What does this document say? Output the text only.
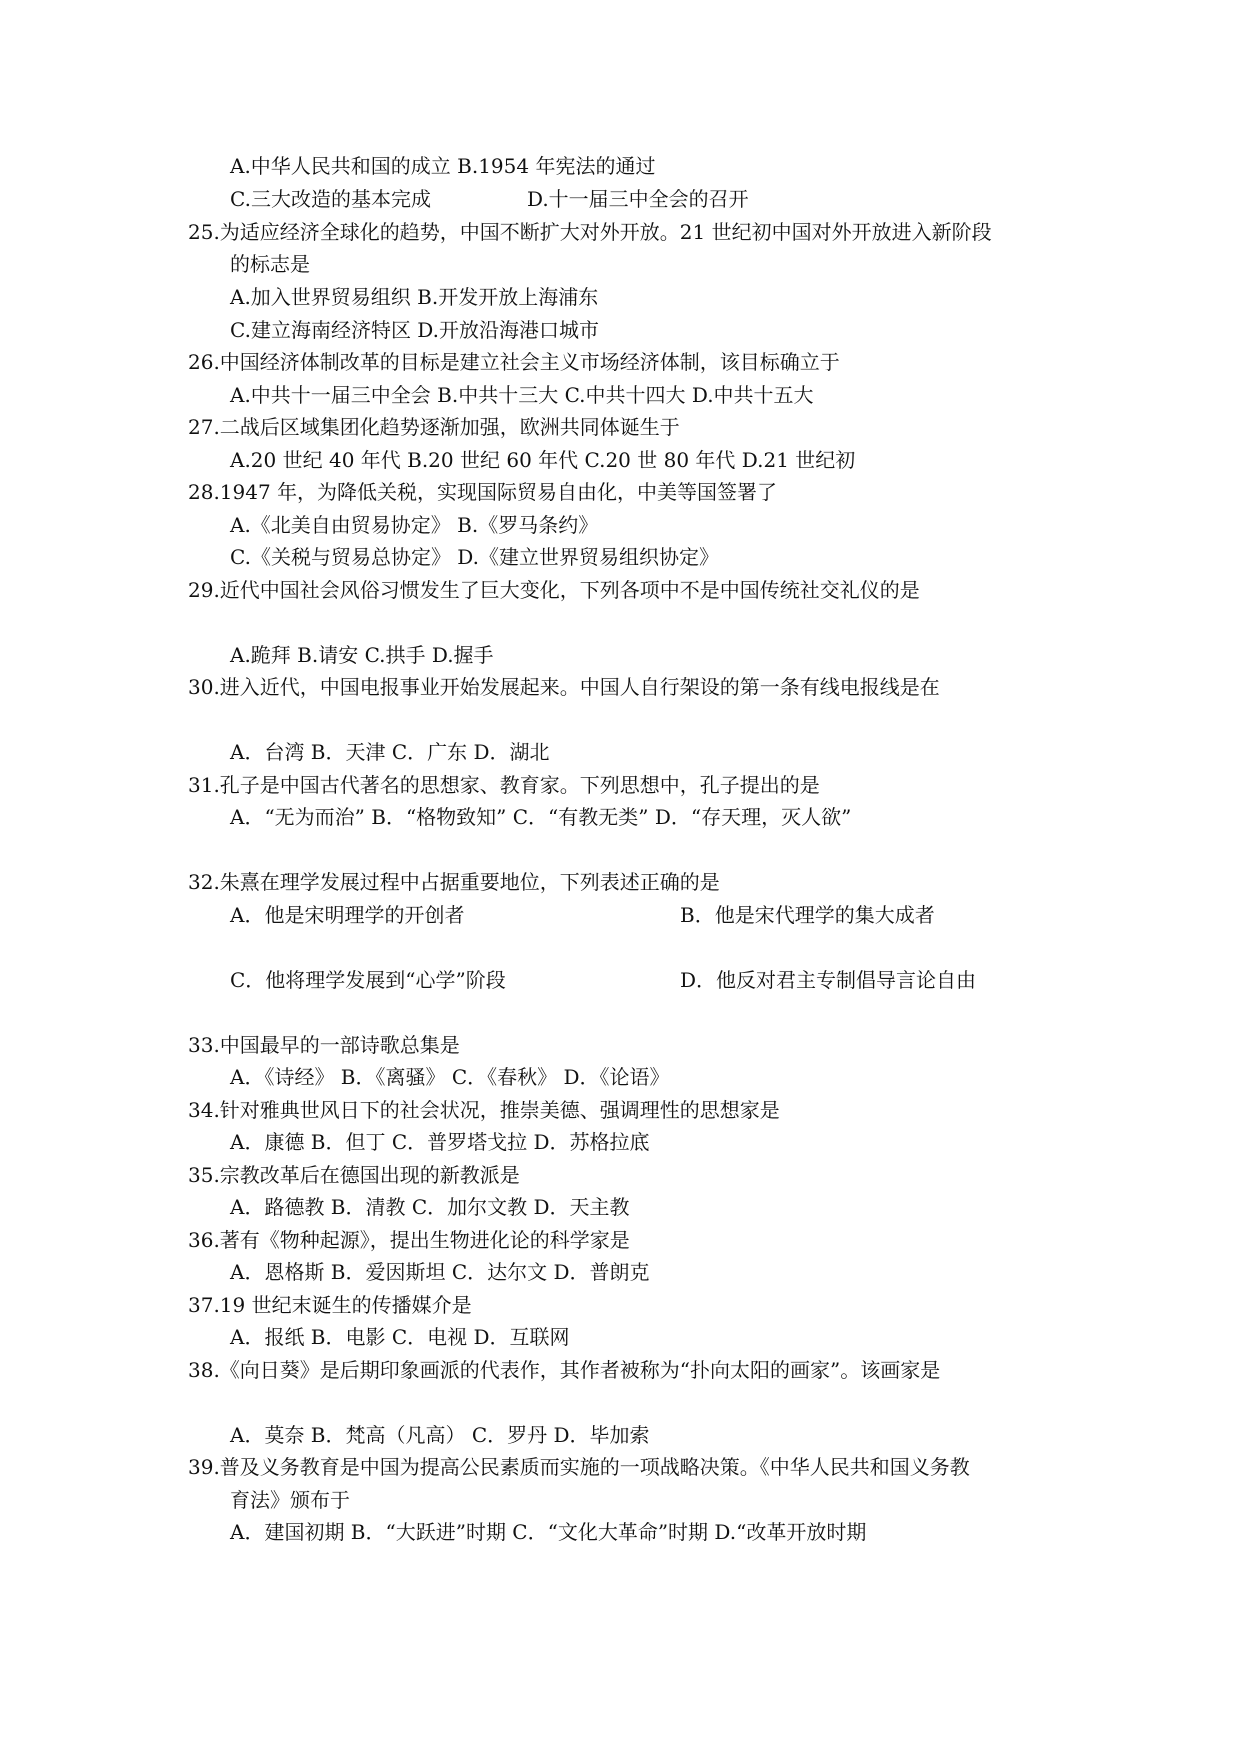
A.中华人民共和国的成立 B.1954 年宪法的通过
C.三大改造的基本完成	D.十一届三中全会的召开
25.为适应经济全球化的趋势，中国不断扩大对外开放。21 世纪初中国对外开放进入新阶段
的标志是
A.加入世界贸易组织 B.开发开放上海浦东
C.建立海南经济特区 D.开放沿海港口城市
26.中国经济体制改革的目标是建立社会主义市场经济体制，该目标确立于
A.中共十一届三中全会 B.中共十三大 C.中共十四大 D.中共十五大
27.二战后区域集团化趋势逐渐加强，欧洲共同体诞生于
A.20 世纪 40 年代 B.20 世纪 60 年代 C.20 世 80 年代 D.21 世纪初
28.1947 年，为降低关税，实现国际贸易自由化，中美等国签署了
A.《北美自由贸易协定》 B.《罗马条约》
C.《关税与贸易总协定》 D.《建立世界贸易组织协定》
29.近代中国社会风俗习惯发生了巨大变化，下列各项中不是中国传统社交礼仪的是
A.跪拜 B.请安 C.拱手 D.握手
30.进入近代，中国电报事业开始发展起来。中国人自行架设的第一条有线电报线是在
A．台湾 B．天津 C．广东 D．湖北
31.孔子是中国古代著名的思想家、教育家。下列思想中，孔子提出的是
A．“无为而治” B．“格物致知” C．“有教无类” D．“存天理，灭人欲”
32.朱熹在理学发展过程中占据重要地位，下列表述正确的是
A．他是宋明理学的开创者	B．他是宋代理学的集大成者
C．他将理学发展到“心学”阶段	D．他反对君主专制倡导言论自由
33.中国最早的一部诗歌总集是
A．《诗经》 B．《离骚》 C．《春秋》 D．《论语》
34.针对雅典世风日下的社会状况，推崇美德、强调理性的思想家是
A．康德 B．但丁 C．普罗塔戈拉 D．苏格拉底
35.宗教改革后在德国出现的新教派是
A．路德教 B．清教 C．加尔文教 D．天主教
36.著有《物种起源》，提出生物进化论的科学家是
A．恩格斯 B．爱因斯坦 C．达尔文 D．普朗克
37.19 世纪末诞生的传播媒介是
A．报纸 B．电影 C．电视 D．互联网
38.《向日葵》是后期印象画派的代表作，其作者被称为“扑向太阳的画家”。该画家是
A．莫奈 B．梵高（凡高） C．罗丹 D．毕加索
39.普及义务教育是中国为提高公民素质而实施的一项战略决策。《中华人民共和国义务教
育法》颁布于
A．建国初期 B．“大跃进”时期 C．“文化大革命”时期 D.“改革开放时期
